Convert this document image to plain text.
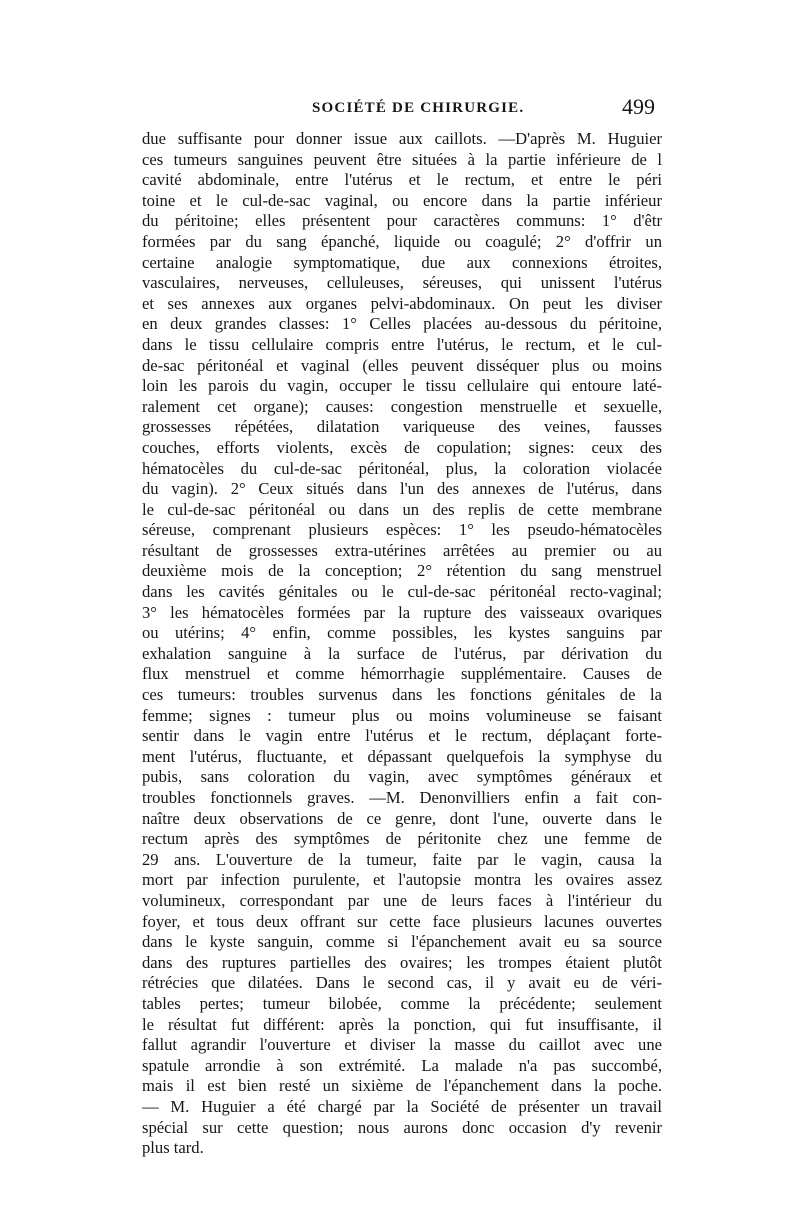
SOCIÉTÉ DE CHIRURGIE.	499
due suffisante pour donner issue aux caillots. —D'après M. Huguier
ces tumeurs sanguines peuvent être situées à la partie inférieure de l
cavité abdominale, entre l'utérus et le rectum, et entre le péri
toine et le cul-de-sac vaginal, ou encore dans la partie inférieur
du péritoine; elles présentent pour caractères communs: 1° d'êtr
formées par du sang épanché, liquide ou coagulé; 2° d'offrir un
certaine analogie symptomatique, due aux connexions étroites,
vasculaires, nerveuses, celluleuses, séreuses, qui unissent l'utérus
et ses annexes aux organes pelvi-abdominaux. On peut les diviser
en deux grandes classes: 1° Celles placées au-dessous du péritoine,
dans le tissu cellulaire compris entre l'utérus, le rectum, et le cul-
de-sac péritonéal et vaginal (elles peuvent disséquer plus ou moins
loin les parois du vagin, occuper le tissu cellulaire qui entoure laté-
ralement cet organe); causes: congestion menstruelle et sexuelle,
grossesses répétées, dilatation variqueuse des veines, fausses
couches, efforts violents, excès de copulation; signes: ceux des
hématocèles du cul-de-sac péritonéal, plus, la coloration violacée
du vagin). 2° Ceux situés dans l'un des annexes de l'utérus, dans
le cul-de-sac péritonéal ou dans un des replis de cette membrane
séreuse, comprenant plusieurs espèces: 1° les pseudo-hématocèles
résultant de grossesses extra-utérines arrêtées au premier ou au
deuxième mois de la conception; 2° rétention du sang menstruel
dans les cavités génitales ou le cul-de-sac péritonéal recto-vaginal;
3° les hématocèles formées par la rupture des vaisseaux ovariques
ou utérins; 4° enfin, comme possibles, les kystes sanguins par
exhalation sanguine à la surface de l'utérus, par dérivation du
flux menstruel et comme hémorrhagie supplémentaire. Causes de
ces tumeurs: troubles survenus dans les fonctions génitales de la
femme; signes : tumeur plus ou moins volumineuse se faisant
sentir dans le vagin entre l'utérus et le rectum, déplaçant forte-
ment l'utérus, fluctuante, et dépassant quelquefois la symphyse du
pubis, sans coloration du vagin, avec symptômes généraux et
troubles fonctionnels graves. —M. Denonvilliers enfin a fait con-
naître deux observations de ce genre, dont l'une, ouverte dans le
rectum après des symptômes de péritonite chez une femme de
29 ans. L'ouverture de la tumeur, faite par le vagin, causa la
mort par infection purulente, et l'autopsie montra les ovaires assez
volumineux, correspondant par une de leurs faces à l'intérieur du
foyer, et tous deux offrant sur cette face plusieurs lacunes ouvertes
dans le kyste sanguin, comme si l'épanchement avait eu sa source
dans des ruptures partielles des ovaires; les trompes étaient plutôt
rétrécies que dilatées. Dans le second cas, il y avait eu de véri-
tables pertes; tumeur bilobée, comme la précédente; seulement
le résultat fut différent: après la ponction, qui fut insuffisante, il
fallut agrandir l'ouverture et diviser la masse du caillot avec une
spatule arrondie à son extrémité. La malade n'a pas succombé,
mais il est bien resté un sixième de l'épanchement dans la poche.
— M. Huguier a été chargé par la Société de présenter un travail
spécial sur cette question; nous aurons donc occasion d'y revenir
plus tard.
